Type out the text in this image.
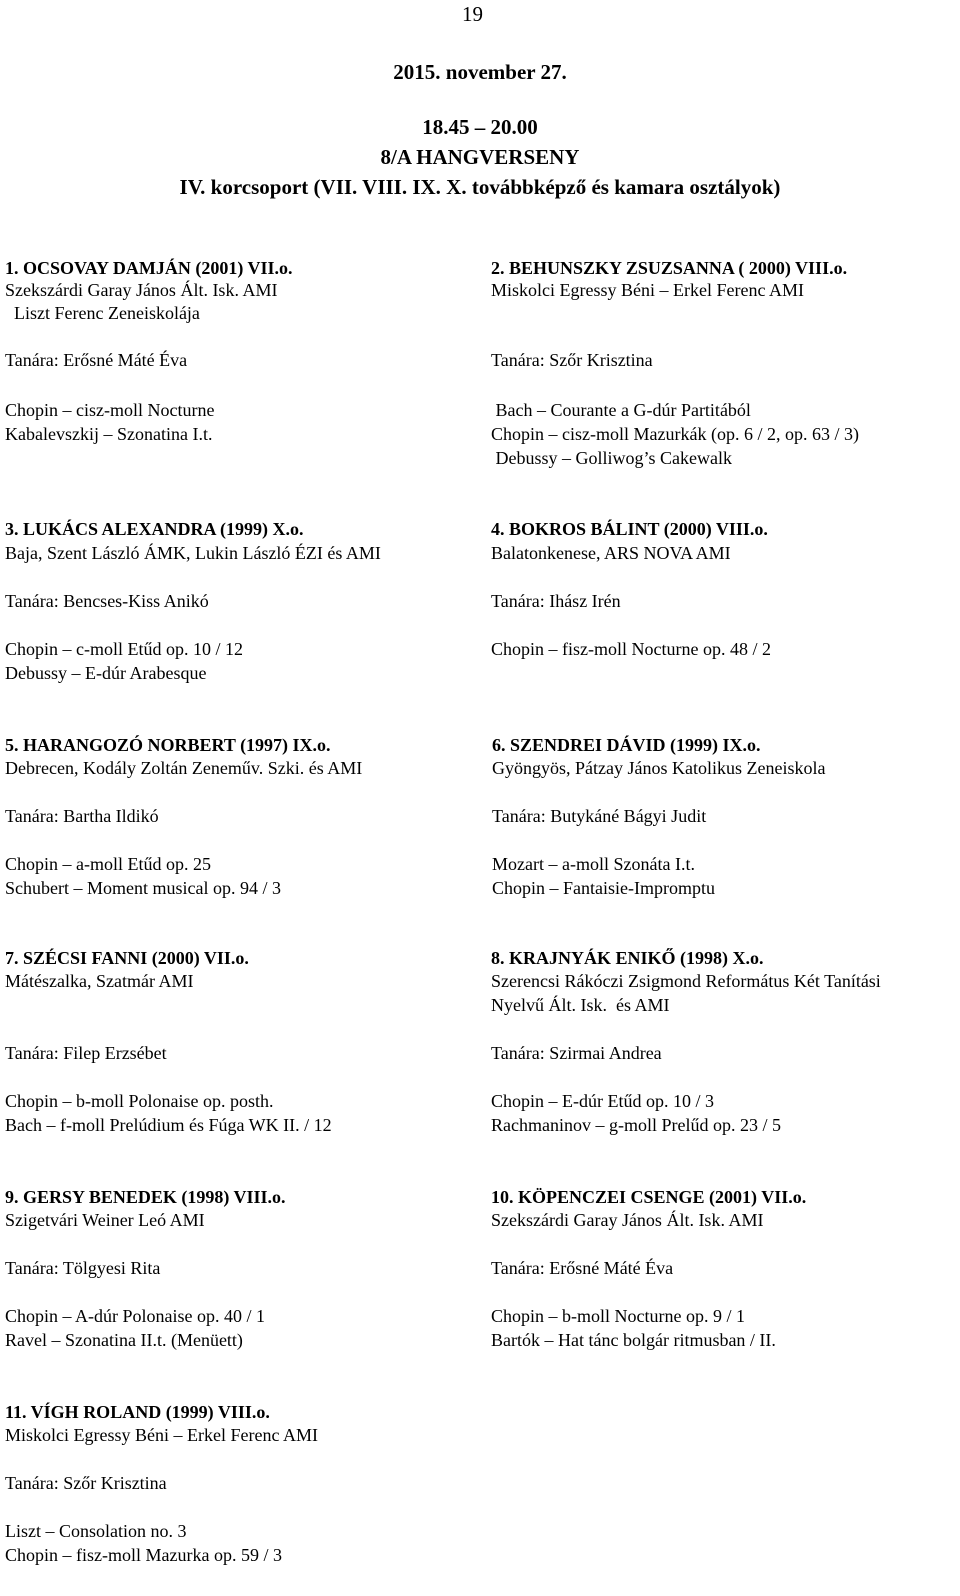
19
2015. november 27.
18.45 – 20.00
8/A HANGVERSENY
IV. korcsoport (VII. VIII. IX. X. továbbképző és kamara osztályok)
1. OCSOVAY DAMJÁN (2001) VII.o.
Szekszárdi Garay János Ált. Isk. AMI
Liszt Ferenc Zeneiskolája
Tanára: Erősné Máté Éva
Chopin – cisz-moll Nocturne
Kabalevszkij – Szonatina I.t.
2. BEHUNSZKY ZSUZSANNA ( 2000) VIII.o.
Miskolci Egressy Béni – Erkel Ferenc AMI
Tanára: Szőr Krisztina
Bach – Courante a G-dúr Partitából
Chopin – cisz-moll Mazurkák (op. 6 / 2, op. 63 / 3)
Debussy – Golliwog’s Cakewalk
3. LUKÁCS ALEXANDRA (1999) X.o.
Baja, Szent László ÁMK, Lukin László ÉZI és AMI
Tanára: Bencses-Kiss Anikó
Chopin – c-moll Etűd op. 10 / 12
Debussy – E-dúr Arabesque
4. BOKROS BÁLINT (2000) VIII.o.
Balatonkenese, ARS NOVA AMI
Tanára: Ihász Irén
Chopin – fisz-moll Nocturne op. 48 / 2
5. HARANGOZÓ NORBERT (1997) IX.o.
Debrecen, Kodály Zoltán Zeneműv. Szki. és AMI
Tanára: Bartha Ildikó
Chopin – a-moll Etűd op. 25
Schubert – Moment musical op. 94 / 3
6. SZENDREI DÁVID (1999) IX.o.
Gyöngyös, Pátzay János Katolikus Zeneiskola
Tanára: Butykáné Bágyi Judit
Mozart – a-moll Szonáta I.t.
Chopin – Fantaisie-Impromptu
7. SZÉCSI FANNI (2000) VII.o.
Mátészalka, Szatmár AMI
Tanára: Filep Erzsébet
Chopin – b-moll Polonaise op. posth.
Bach – f-moll Prelúdium és Fúga WK II. / 12
8. KRAJNYÁK ENIKŐ (1998) X.o.
Szerencsi Rákóczi Zsigmond Református Két Tanítási
Nyelvű Ált. Isk.  és AMI
Tanára: Szirmai Andrea
Chopin – E-dúr Etűd op. 10 / 3
Rachmaninov – g-moll Prelűd op. 23 / 5
9. GERSY BENEDEK (1998) VIII.o.
Szigetvári Weiner Leó AMI
Tanára: Tölgyesi Rita
Chopin – A-dúr Polonaise op. 40 / 1
Ravel – Szonatina II.t. (Menüett)
10. KÖPENCZEI CSENGE (2001) VII.o.
Szekszárdi Garay János Ált. Isk. AMI
Tanára: Erősné Máté Éva
Chopin – b-moll Nocturne op. 9 / 1
Bartók – Hat tánc bolgár ritmusban / II.
11. VÍGH ROLAND (1999) VIII.o.
Miskolci Egressy Béni – Erkel Ferenc AMI
Tanára: Szőr Krisztina
Liszt – Consolation no. 3
Chopin – fisz-moll Mazurka op. 59 / 3
